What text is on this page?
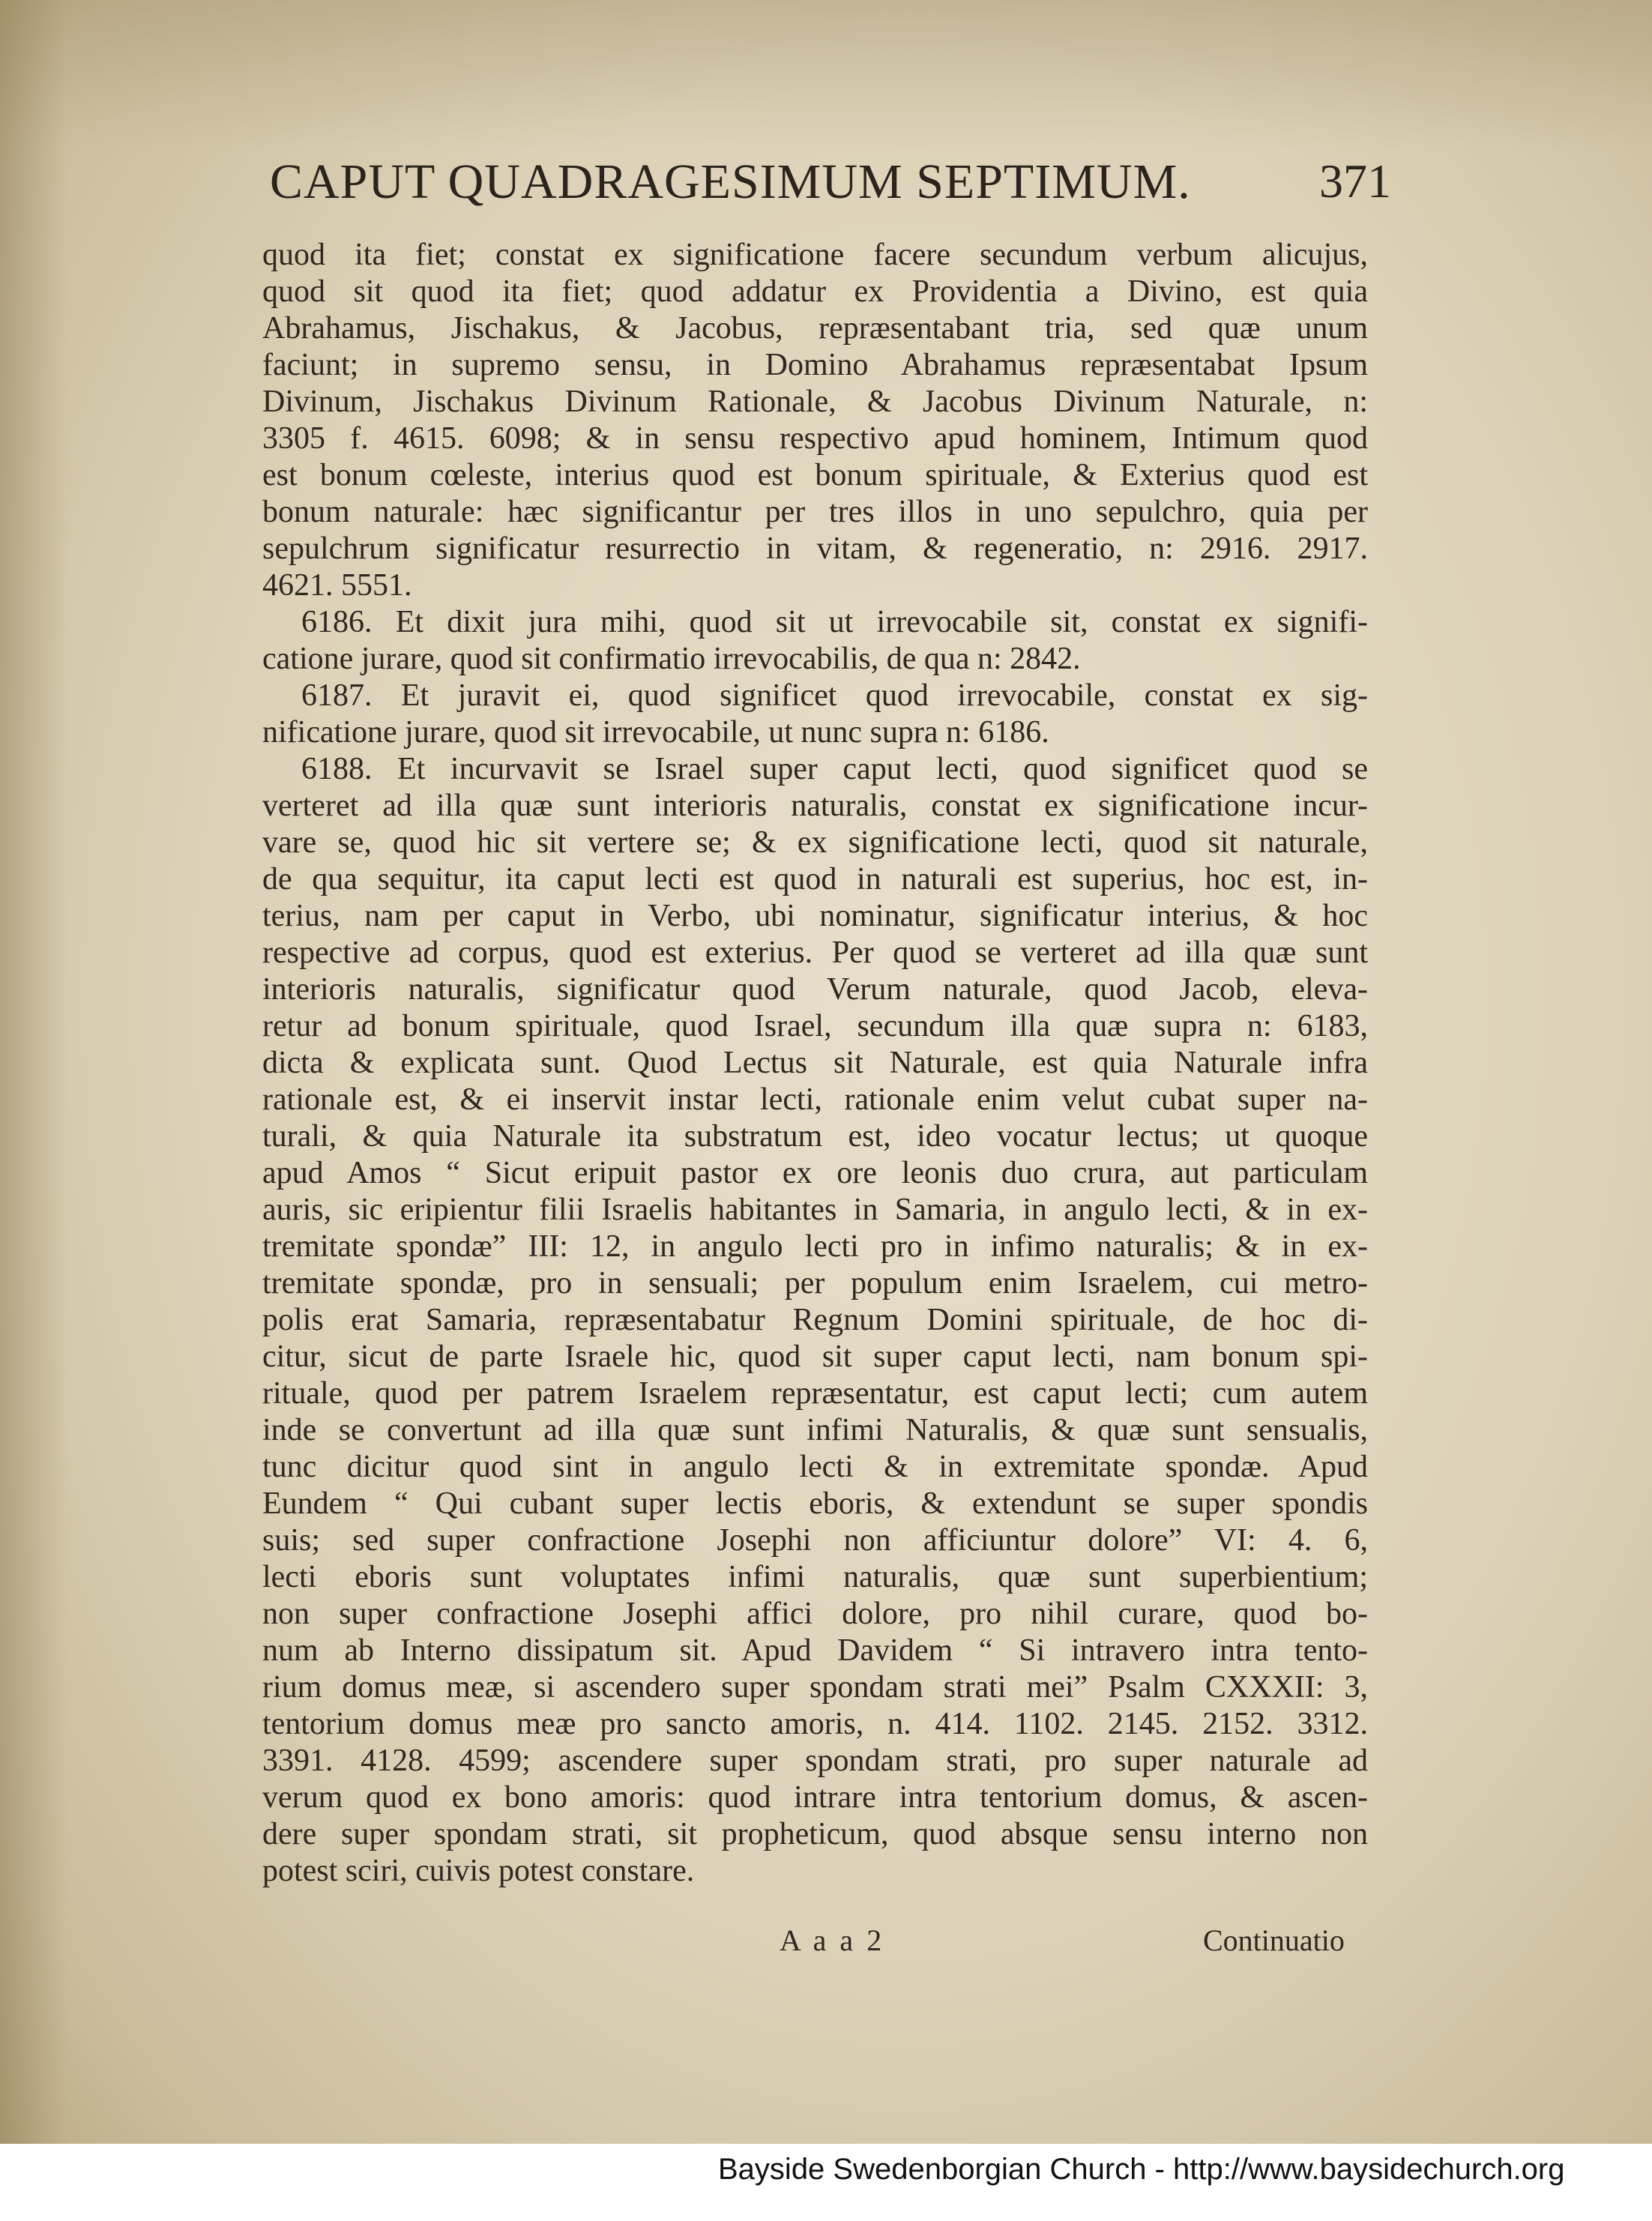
CAPUT QUADRAGESIMUM SEPTIMUM.	371
quod ita fiet; constat ex significatione facere secundum verbum alicujus,
quod sit quod ita fiet; quod addatur ex Providentia a Divino, est quia
Abrahamus, Jischakus, & Jacobus, repræsentabant tria, sed quæ unum
faciunt; in supremo sensu, in Domino Abrahamus repræsentabat Ipsum
Divinum, Jischakus Divinum Rationale, & Jacobus Divinum Naturale, n:
3305 f. 4615. 6098; & in sensu respectivo apud hominem, Intimum quod
est bonum cœleste, interius quod est bonum spirituale, & Exterius quod est
bonum naturale: hæc significantur per tres illos in uno sepulchro, quia per
sepulchrum significatur resurrectio in vitam, & regeneratio, n: 2916. 2917.
4621. 5551.
6186. Et dixit jura mihi, quod sit ut irrevocabile sit, constat ex signifi-
catione jurare, quod sit confirmatio irrevocabilis, de qua n: 2842.
6187. Et juravit ei, quod significet quod irrevocabile, constat ex sig-
nificatione jurare, quod sit irrevocabile, ut nunc supra n: 6186.
6188. Et incurvavit se Israel super caput lecti, quod significet quod se
verteret ad illa quæ sunt interioris naturalis, constat ex significatione incur-
vare se, quod hic sit vertere se; & ex significatione lecti, quod sit naturale,
de qua sequitur, ita caput lecti est quod in naturali est superius, hoc est, in-
terius, nam per caput in Verbo, ubi nominatur, significatur interius, & hoc
respective ad corpus, quod est exterius. Per quod se verteret ad illa quæ sunt
interioris naturalis, significatur quod Verum naturale, quod Jacob, eleva-
retur ad bonum spirituale, quod Israel, secundum illa quæ supra n: 6183,
dicta & explicata sunt. Quod Lectus sit Naturale, est quia Naturale infra
rationale est, & ei inservit instar lecti, rationale enim velut cubat super na-
turali, & quia Naturale ita substratum est, ideo vocatur lectus; ut quoque
apud Amos “ Sicut eripuit pastor ex ore leonis duo crura, aut particulam
auris, sic eripientur filii Israelis habitantes in Samaria, in angulo lecti, & in ex-
tremitate spondæ” III: 12, in angulo lecti pro in infimo naturalis; & in ex-
tremitate spondæ, pro in sensuali; per populum enim Israelem, cui metro-
polis erat Samaria, repræsentabatur Regnum Domini spirituale, de hoc di-
citur, sicut de parte Israele hic, quod sit super caput lecti, nam bonum spi-
rituale, quod per patrem Israelem repræsentatur, est caput lecti; cum autem
inde se convertunt ad illa quæ sunt infimi Naturalis, & quæ sunt sensualis,
tunc dicitur quod sint in angulo lecti & in extremitate spondæ. Apud
Eundem “ Qui cubant super lectis eboris, & extendunt se super spondis
suis; sed super confractione Josephi non afficiuntur dolore” VI: 4. 6,
lecti eboris sunt voluptates infimi naturalis, quæ sunt superbientium;
non super confractione Josephi affici dolore, pro nihil curare, quod bo-
num ab Interno dissipatum sit. Apud Davidem “ Si intravero intra tento-
rium domus meæ, si ascendero super spondam strati mei” Psalm CXXXII: 3,
tentorium domus meæ pro sancto amoris, n. 414. 1102. 2145. 2152. 3312.
3391. 4128. 4599; ascendere super spondam strati, pro super naturale ad
verum quod ex bono amoris: quod intrare intra tentorium domus, & ascen-
dere super spondam strati, sit propheticum, quod absque sensu interno non
potest sciri, cuivis potest constare.
A a a 2	Continuatio
Bayside Swedenborgian Church - http://www.baysidechurch.org
